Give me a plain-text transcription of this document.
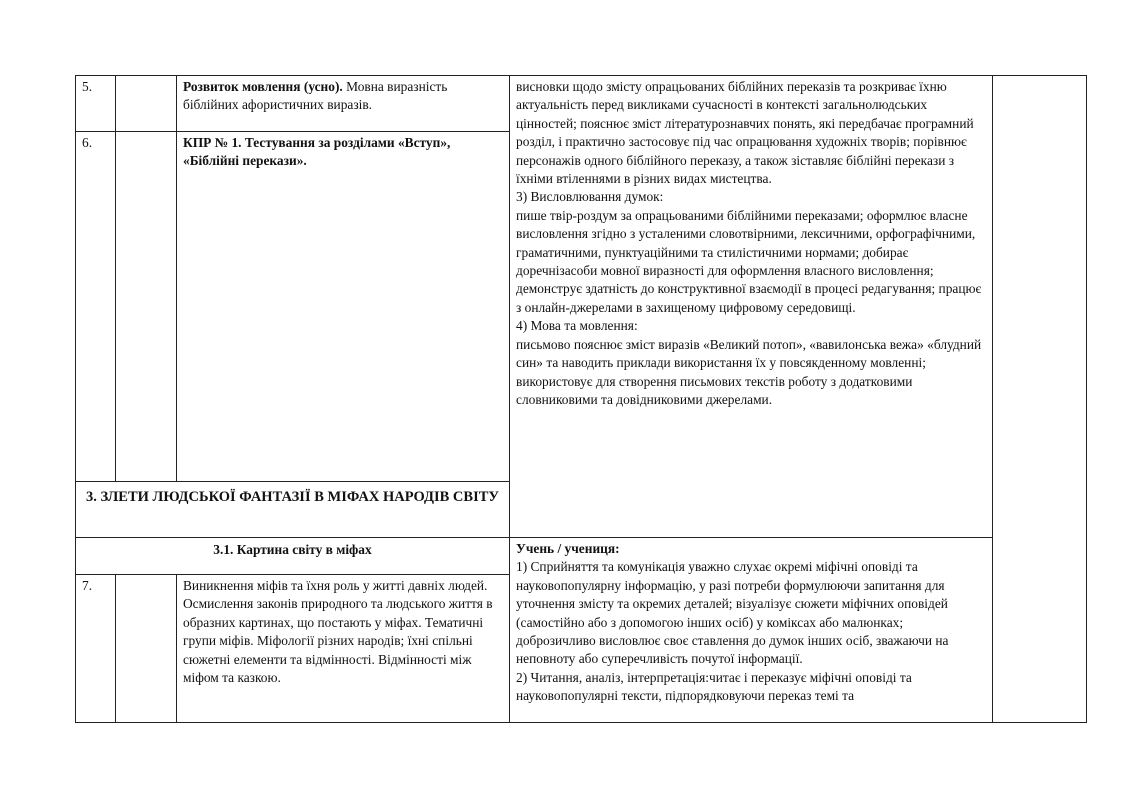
5.		Розвиток мовлення (усно). Мовна виразність біблійних афористичних виразів.	висновки щодо змісту опрацьованих біблійних переказів та розкриває їхню актуальність перед викликами сучасності в контексті загальнолюдських цінностей; пояснює зміст літературознавчих понять, які передбачає програмний розділ, і практично застосовує під час опрацювання художніх творів; порівнює персонажів одного біблійного переказу, а також зіставляє біблійні перекази з їхніми втіленнями в різних видах мистецтва.

3) Висловлювання думок:

пише твір-роздум за опрацьованими біблійними переказами; оформлює власне висловлення згідно з усталеними словотвірними, лексичними, орфографічними, граматичними, пунктуаційними та стилістичними нормами; добирає доречнізасоби мовної виразності для оформлення власного висловлення; демонструє здатність до конструктивної взаємодії в процесі редагування; працює з онлайн-джерелами в захищеному цифровому середовищі.

4) Мова та мовлення:

письмово пояснює зміст виразів «Великий потоп», «вавилонська вежа» «блудний син» та наводить приклади використання їх у повсякденному мовленні; використовує для створення письмових текстів роботу з додатковими словниковими та довідниковими джерелами.	

6.		КПР № 1. Тестування за розділами «Вступ», «Біблійні перекази».		
3. ЗЛЕТИ ЛЮДСЬКОЇ ФАНТАЗІЇ В МІФАХ НАРОДІВ СВІТУ				
3.1. Картина світу в міфах			Учень / учениця:

1) Сприйняття та комунікація уважно слухає окремі міфічні оповіді та науковопопулярну інформацію, у разі потреби формулюючи запитання для уточнення змісту та окремих деталей; візуалізує сюжети міфічних оповідей (самостійно або з допомогою інших осіб) у коміксах або малюнках; доброзичливо висловлює своє ставлення до думок інших осіб, зважаючи на неповноту або суперечливість почутої інформації.

2) Читання, аналіз, інтерпретація:читає і переказує міфічні оповіді та науковопопулярні тексти, підпорядковуючи переказ темі та	

7.		Виникнення міфів та їхня роль у житті давніх людей. Осмислення законів природного та людського життя в образних картинах, що постають у міфах. Тематичні групи міфів. Міфології різних народів; їхні спільні сюжетні елементи та відмінності. Відмінності між міфом та казкою.		
